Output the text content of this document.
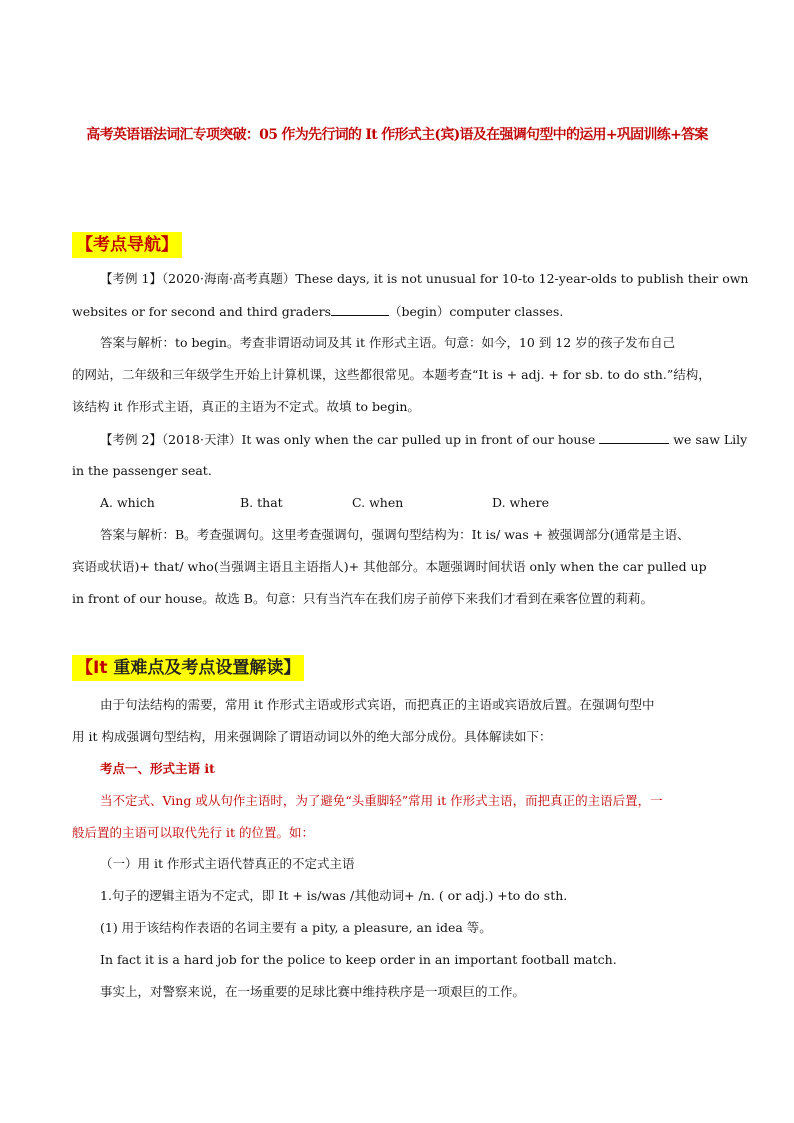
高考英语语法词汇专项突破：05 作为先行词的 It 作形式主(宾)语及在强调句型中的运用+巩固训练+答案
【考点导航】
【考例 1】（2020·海南·高考真题）These days, it is not unusual for 10-to 12-year-olds to publish their own
websites or for second and third graders	（begin）computer classes.
答案与解析：to begin。考查非谓语动词及其 it 作形式主语。句意：如今，10 到 12 岁的孩子发布自己
的网站，二年级和三年级学生开始上计算机课，这些都很常见。本题考查“It is + adj. + for sb. to do sth.”结构，
该结构 it 作形式主语，真正的主语为不定式。故填 to begin。
【考例 2】（2018·天津）It was only when the car pulled up in front of our house	we saw Lily
in the passenger seat.
A. which	B. that	C. when	D. where
答案与解析：B。考查强调句。这里考查强调句，强调句型结构为：It is/ was + 被强调部分(通常是主语、
宾语或状语)+ that/ who(当强调主语且主语指人)+ 其他部分。本题强调时间状语 only when the car pulled up
in front of our house。故选 B。句意：只有当汽车在我们房子前停下来我们才看到在乘客位置的莉莉。
【It 重难点及考点设置解读】
由于句法结构的需要，常用 it 作形式主语或形式宾语，而把真正的主语或宾语放后置。在强调句型中
用 it 构成强调句型结构，用来强调除了谓语动词以外的绝大部分成份。具体解读如下：
考点一、形式主语 it
当不定式、Ving 或从句作主语时，为了避免“头重脚轻”常用 it 作形式主语，而把真正的主语后置，一
般后置的主语可以取代先行 it 的位置。如：
（一）用 it 作形式主语代替真正的不定式主语
1.句子的逻辑主语为不定式，即 It + is/was /其他动词+ /n. ( or adj.) +to do sth.
(1) 用于该结构作表语的名词主要有 a pity, a pleasure, an idea 等。
In fact it is a hard job for the police to keep order in an important football match.
事实上，对警察来说，在一场重要的足球比赛中维持秩序是一项艰巨的工作。
